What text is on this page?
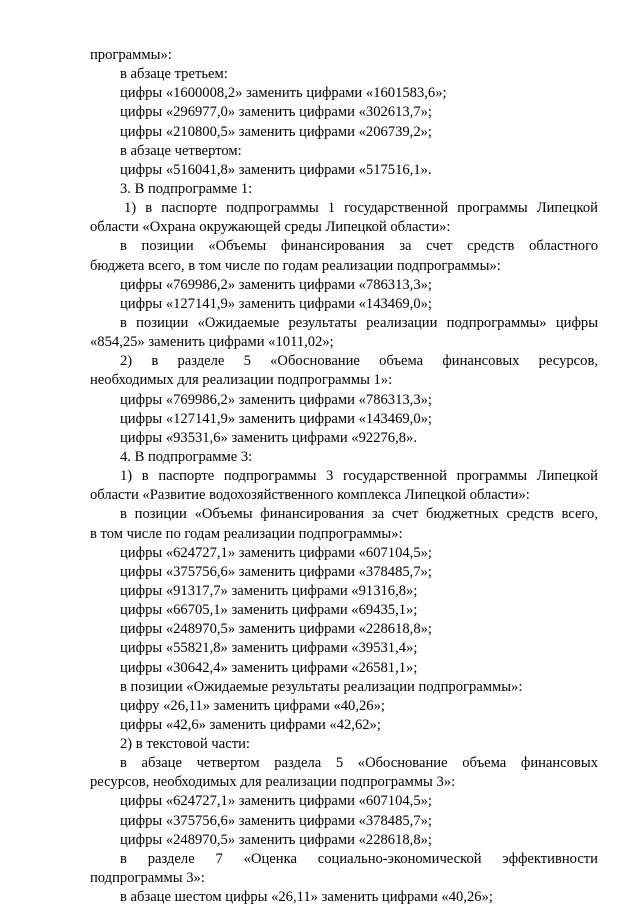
программы»:
в абзаце третьем:
цифры «1600008,2» заменить цифрами «1601583,6»;
цифры «296977,0» заменить цифрами «302613,7»;
цифры «210800,5» заменить цифрами «206739,2»;
в абзаце четвертом:
цифры «516041,8» заменить цифрами «517516,1».
3. В подпрограмме 1:
1) в паспорте подпрограммы 1 государственной программы Липецкой
области «Охрана окружающей среды Липецкой области»:
в позиции «Объемы финансирования за счет средств областного
бюджета всего, в том числе по годам реализации подпрограммы»:
цифры «769986,2» заменить цифрами «786313,3»;
цифры «127141,9» заменить цифрами «143469,0»;
в позиции «Ожидаемые результаты реализации подпрограммы» цифры
«854,25» заменить цифрами «1011,02»;
2) в разделе 5 «Обоснование объема финансовых ресурсов,
необходимых для реализации подпрограммы 1»:
цифры «769986,2» заменить цифрами «786313,3»;
цифры «127141,9» заменить цифрами «143469,0»;
цифры «93531,6» заменить цифрами «92276,8».
4. В подпрограмме 3:
1) в паспорте подпрограммы 3 государственной программы Липецкой
области «Развитие водохозяйственного комплекса Липецкой области»:
в позиции «Объемы финансирования за счет бюджетных средств всего,
в том числе по годам реализации подпрограммы»:
цифры «624727,1» заменить цифрами «607104,5»;
цифры «375756,6» заменить цифрами «378485,7»;
цифры «91317,7» заменить цифрами «91316,8»;
цифры «66705,1» заменить цифрами «69435,1»;
цифры «248970,5» заменить цифрами «228618,8»;
цифры «55821,8» заменить цифрами «39531,4»;
цифры «30642,4» заменить цифрами «26581,1»;
в позиции «Ожидаемые результаты реализации подпрограммы»:
цифру «26,11» заменить цифрами «40,26»;
цифры «42,6» заменить цифрами «42,62»;
2) в текстовой части:
в абзаце четвертом раздела 5 «Обоснование объема финансовых
ресурсов, необходимых для реализации подпрограммы 3»:
цифры «624727,1» заменить цифрами «607104,5»;
цифры «375756,6» заменить цифрами «378485,7»;
цифры «248970,5» заменить цифрами «228618,8»;
в разделе 7 «Оценка социально-экономической эффективности
подпрограммы 3»:
в абзаце шестом цифры «26,11» заменить цифрами «40,26»;
